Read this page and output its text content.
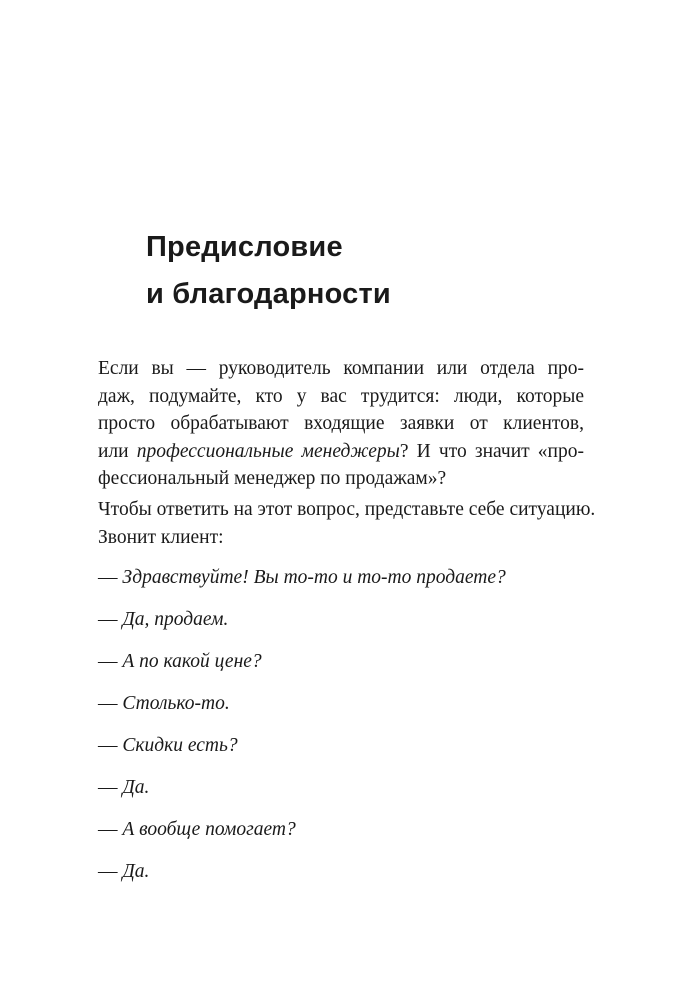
Предисловие
и благодарности
Если вы — руководитель компании или отдела про-
даж, подумайте, кто у вас трудится: люди, которые
просто обрабатывают входящие заявки от клиентов,
или профессиональные менеджеры? И что значит «про-
фессиональный менеджер по продажам»?
Чтобы ответить на этот вопрос, представьте себе ситуацию.
Звонит клиент:

— Здравствуйте! Вы то-то и то-то продаете?

— Да, продаем.

— А по какой цене?

— Столько-то.

— Скидки есть?

— Да.

— А вообще помогает?

— Да.
